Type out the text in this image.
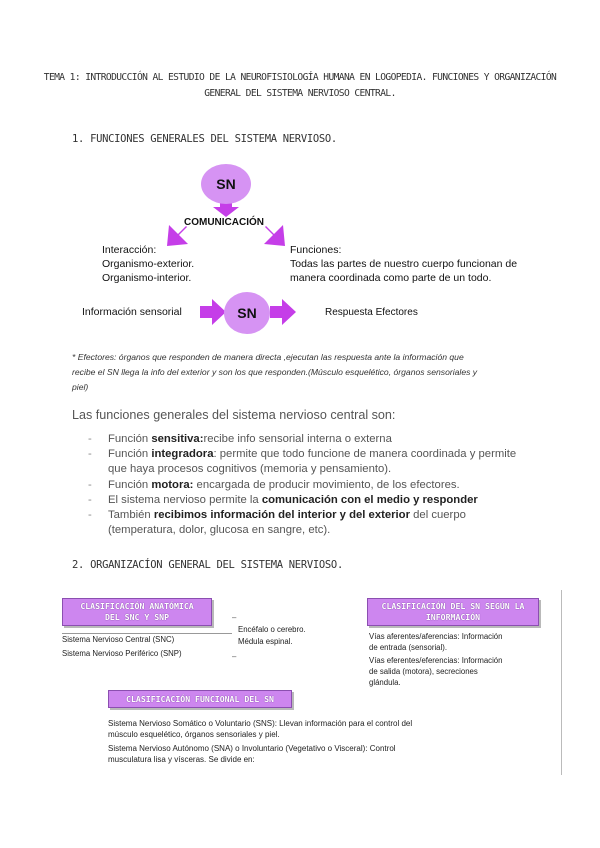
TEMA 1: INTRODUCCIÓN AL ESTUDIO DE LA NEUROFISIOLOGÍA HUMANA EN LOGOPEDIA. FUNCIONES Y ORGANIZACIÓN
GENERAL DEL SISTEMA NERVIOSO CENTRAL.
1. FUNCIONES GENERALES DEL SISTEMA NERVIOSO.
SN
COMUNICACIÓN
Interacción:
Organismo-exterior.
Organismo-interior.
Funciones:
Todas las partes de nuestro cuerpo funcionan de
manera coordinada como parte de un todo.
Información sensorial	SN	Respuesta Efectores
* Efectores: órganos que responden de manera directa ,ejecutan las respuesta ante la información que
recibe el SN llega la info del exterior y son los que responden.(Músculo esquelético, órganos sensoriales y
piel)
Las funciones generales del sistema nervioso central son:
- Función sensitiva:recibe info sensorial interna o externa
- Función integradora: permite que todo funcione de manera coordinada y permite que haya procesos cognitivos (memoria y pensamiento).
- Función motora: encargada de producir movimiento, de los efectores.
- El sistema nervioso permite la comunicación con el medio y responder
- También recibimos información del interior y del exterior del cuerpo (temperatura, dolor, glucosa en sangre, etc).
2. ORGANIZACÍON GENERAL DEL SISTEMA NERVIOSO.
CLASIFICACIÓN ANATÓMICA
DEL SNC Y SNP
Sistema Nervioso Central (SNC)
Sistema Nervioso Periférico (SNP)
–
Encéfalo o cerebro.
Médula espinal.
–
CLASIFICACIÓN DEL SN SEGÚN LA
INFORMACIÓN
Vías aferentes/aferencias: Información
de entrada (sensorial).
Vías eferentes/eferencias: Información
de salida (motora), secreciones
glándula.
CLASIFICACIÓN FUNCIONAL DEL SN
Sistema Nervioso Somático o Voluntario (SNS): Llevan información para el control del
músculo esquelético, órganos sensoriales y piel.
Sistema Nervioso Autónomo (SNA) o Involuntario (Vegetativo o Visceral): Control
musculatura lisa y vísceras. Se divide en:
